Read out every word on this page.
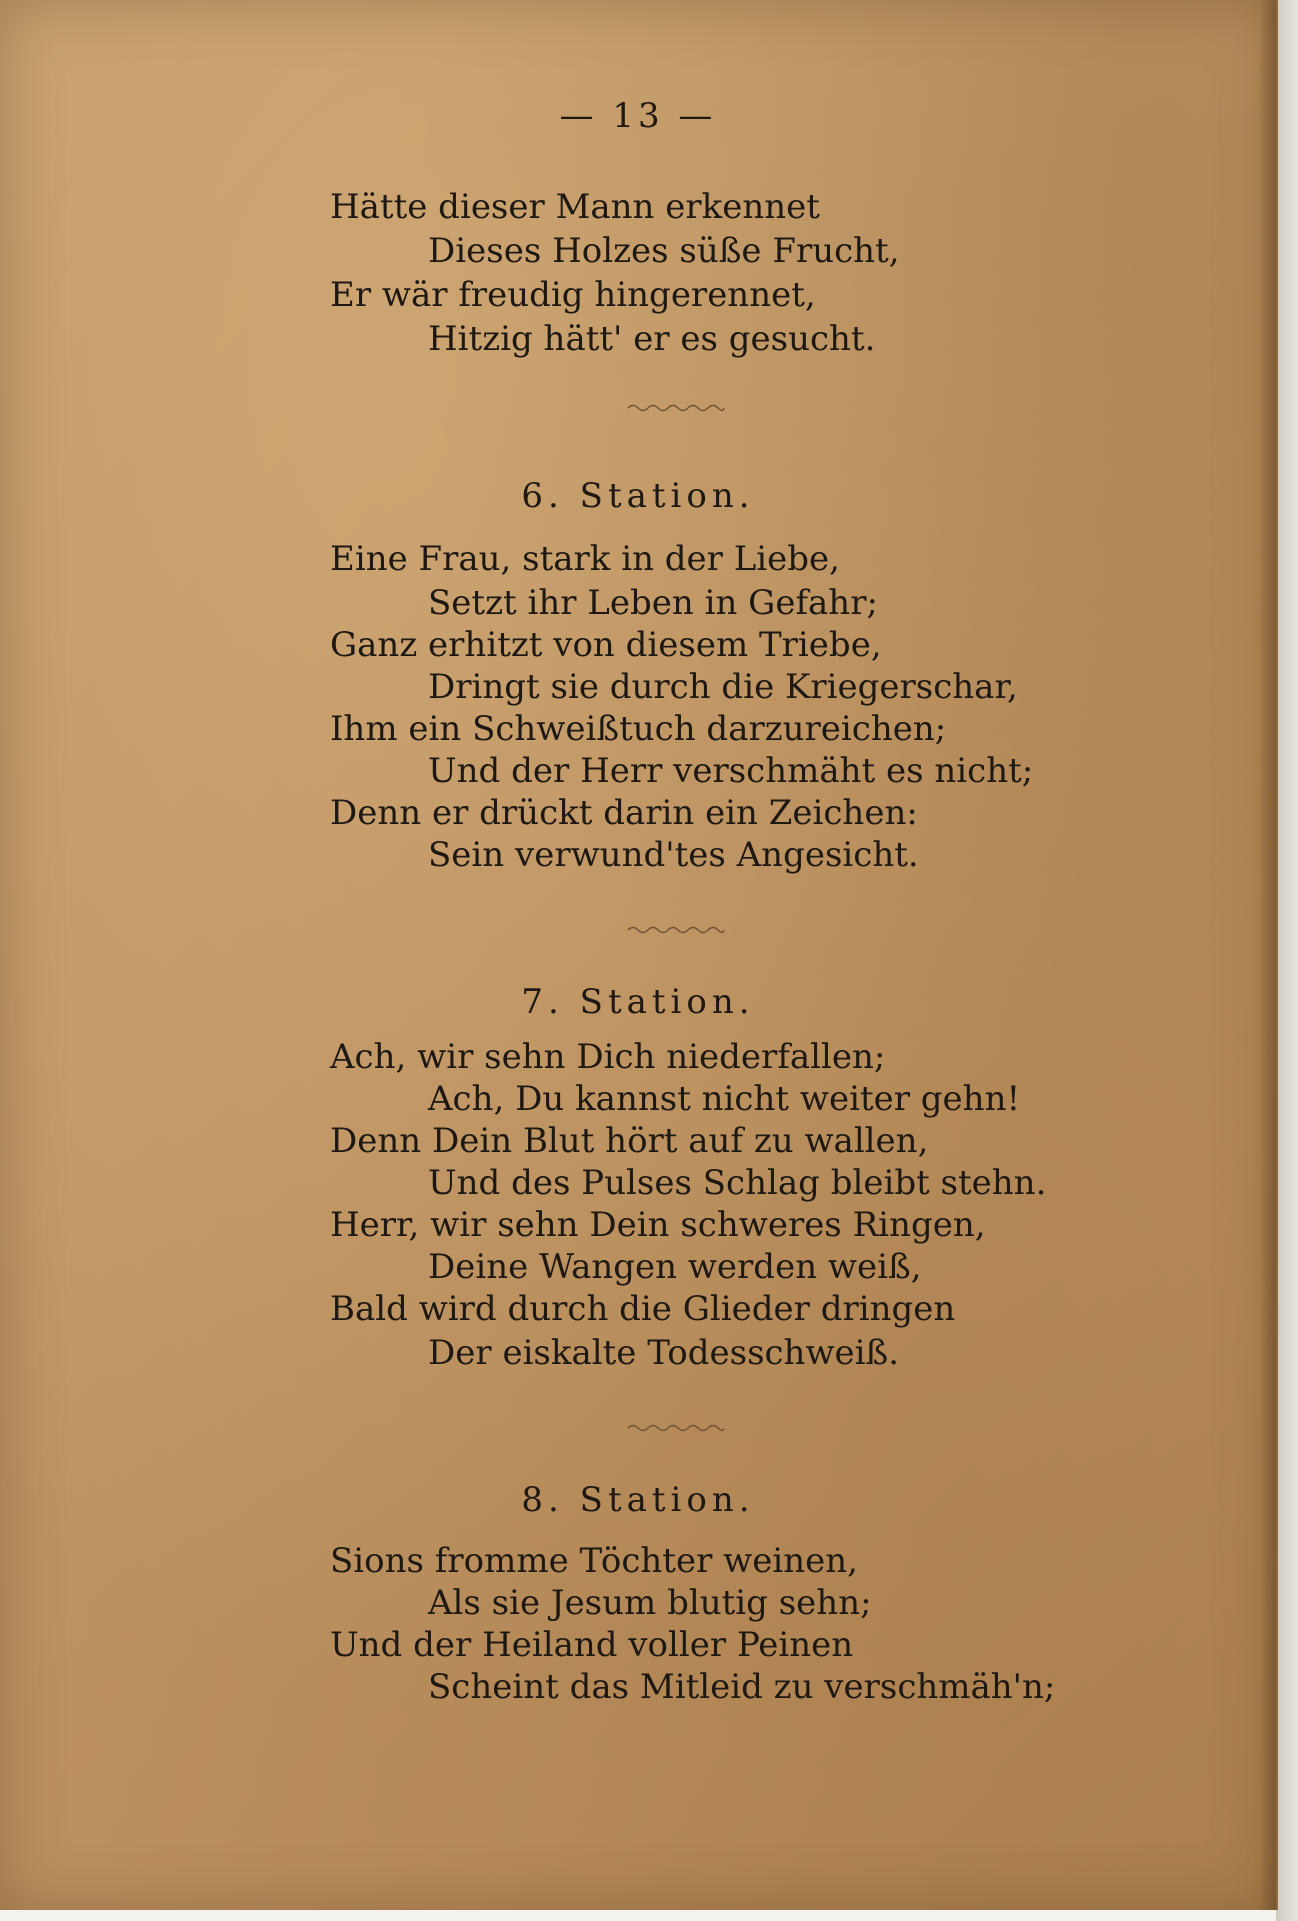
— 13 —
Hätte dieser Mann erkennet
Dieses Holzes süße Frucht,
Er wär freudig hingerennet,
Hitzig hätt' er es gesucht.
6. Station.
Eine Frau, stark in der Liebe,
Setzt ihr Leben in Gefahr;
Ganz erhitzt von diesem Triebe,
Dringt sie durch die Kriegerschar,
Ihm ein Schweißtuch darzureichen;
Und der Herr verschmäht es nicht;
Denn er drückt darin ein Zeichen:
Sein verwund'tes Angesicht.
7. Station.
Ach, wir sehn Dich niederfallen;
Ach, Du kannst nicht weiter gehn!
Denn Dein Blut hört auf zu wallen,
Und des Pulses Schlag bleibt stehn.
Herr, wir sehn Dein schweres Ringen,
Deine Wangen werden weiß,
Bald wird durch die Glieder dringen
Der eiskalte Todesschweiß.
8. Station.
Sions fromme Töchter weinen,
Als sie Jesum blutig sehn;
Und der Heiland voller Peinen
Scheint das Mitleid zu verschmäh'n;
